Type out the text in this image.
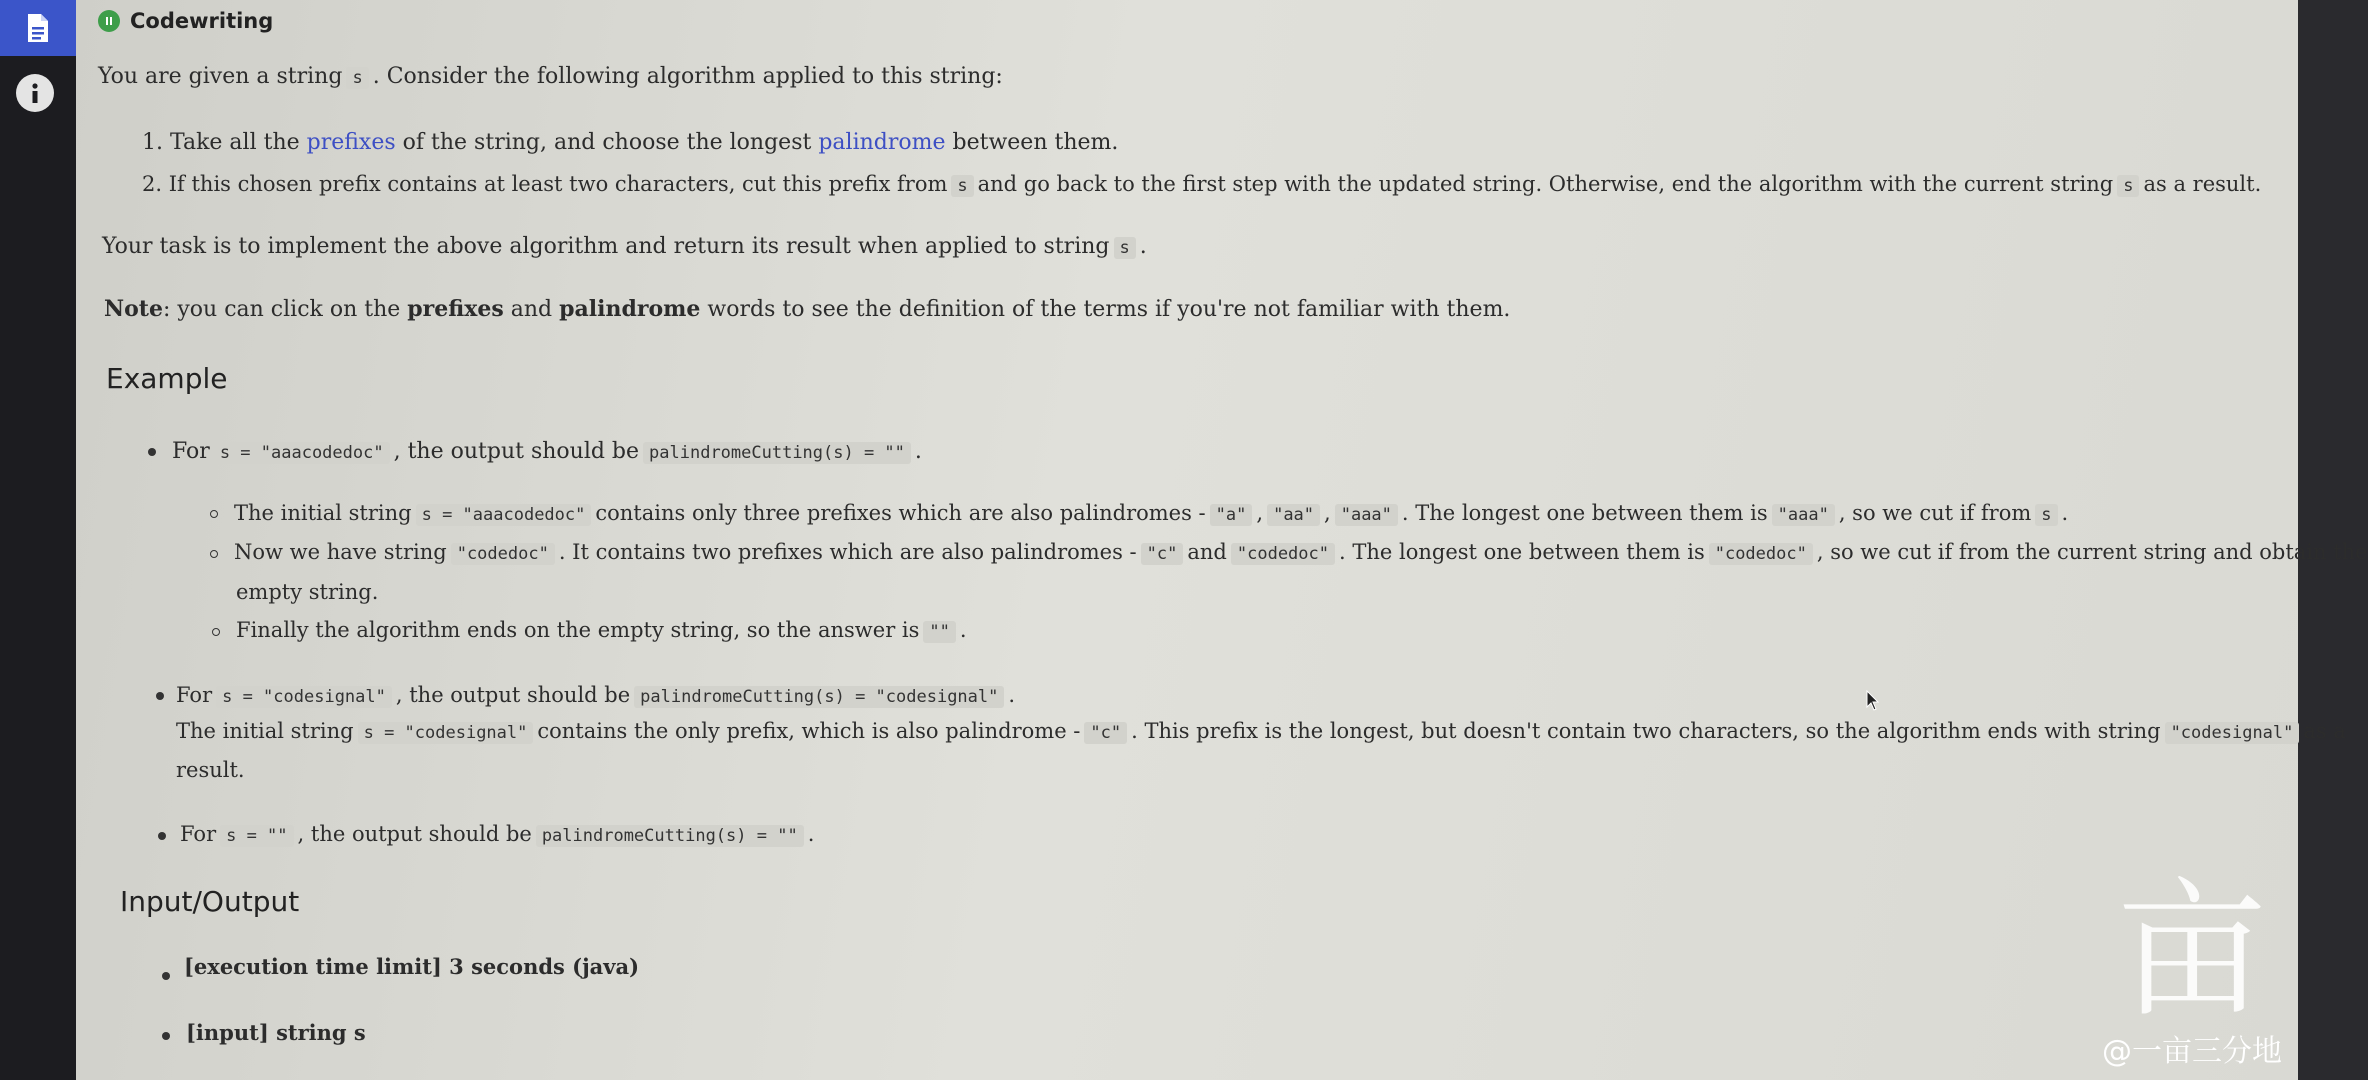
Codewriting
You are given a string s . Consider the following algorithm applied to this string:
1. Take all the prefixes of the string, and choose the longest palindrome between them.
2. If this chosen prefix contains at least two characters, cut this prefix from s and go back to the first step with the updated string. Otherwise, end the algorithm with the current string s as a result.
Your task is to implement the above algorithm and return its result when applied to string s .
Note: you can click on the prefixes and palindrome words to see the definition of the terms if you're not familiar with them.
Example
For s = "aaacodedoc" , the output should be palindromeCutting(s) = "" .
The initial string s = "aaacodedoc" contains only three prefixes which are also palindromes - "a" , "aa" , "aaa" . The longest one between them is "aaa" , so we cut if from s .
Now we have string "codedoc" . It contains two prefixes which are also palindromes - "c" and "codedoc" . The longest one between them is "codedoc" , so we cut if from the current string and obtain the
empty string.
Finally the algorithm ends on the empty string, so the answer is "" .
For s = "codesignal" , the output should be palindromeCutting(s) = "codesignal" .
The initial string s = "codesignal" contains the only prefix, which is also palindrome - "c" . This prefix is the longest, but doesn't contain two characters, so the algorithm ends with string "codesignal" as a
result.
For s = "" , the output should be palindromeCutting(s) = "" .
Input/Output
[execution time limit] 3 seconds (java)
[input] string s	亩
@一亩三分地
